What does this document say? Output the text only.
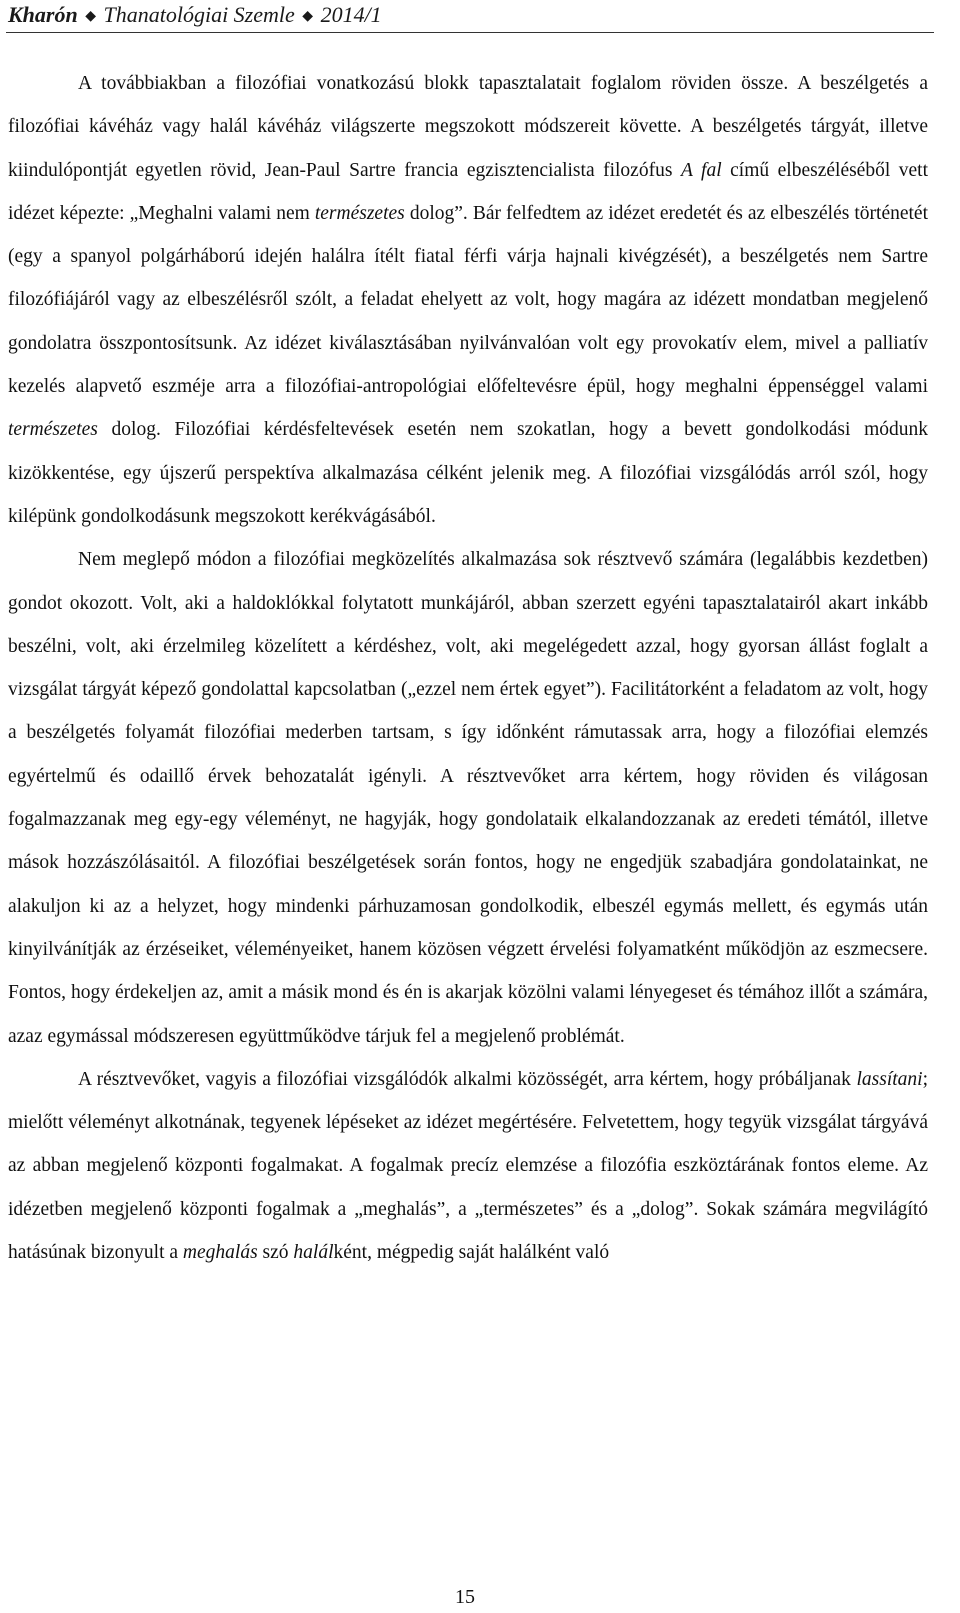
Kharón ◆ Thanatológiai Szemle ◆ 2014/1

A továbbiakban a filozófiai vonatkozású blokk tapasztalatait foglalom röviden össze. A beszélgetés a filozófiai kávéház vagy halál kávéház világszerte megszokott módszereit követte. A beszélgetés tárgyát, illetve kiindulópontját egyetlen rövid, Jean-Paul Sartre francia egzisztencialista filozófus A fal című elbeszéléséből vett idézet képezte: „Meghalni valami nem természetes dolog”. Bár felfedtem az idézet eredetét és az elbeszélés történetét (egy a spanyol polgárháború idején halálra ítélt fiatal férfi várja hajnali kivégzését), a beszélgetés nem Sartre filozófiájáról vagy az elbeszélésről szólt, a feladat ehelyett az volt, hogy magára az idézett mondatban megjelenő gondolatra összpontosítsunk. Az idézet kiválasztásában nyilvánvalóan volt egy provokatív elem, mivel a palliatív kezelés alapvető eszméje arra a filozófiai-antropológiai előfeltevésre épül, hogy meghalni éppenséggel valami természetes dolog. Filozófiai kérdésfeltevések esetén nem szokatlan, hogy a bevett gondolkodási módunk kizökkentése, egy újszerű perspektíva alkalmazása célként jelenik meg. A filozófiai vizsgálódás arról szól, hogy kilépünk gondolkodásunk megszokott kerékvágásából.

Nem meglepő módon a filozófiai megközelítés alkalmazása sok résztvevő számára (legalábbis kezdetben) gondot okozott. Volt, aki a haldoklókkal folytatott munkájáról, abban szerzett egyéni tapasztalatairól akart inkább beszélni, volt, aki érzelmileg közelített a kérdéshez, volt, aki megelégedett azzal, hogy gyorsan állást foglalt a vizsgálat tárgyát képező gondolattal kapcsolatban („ezzel nem értek egyet”). Facilitátorként a feladatom az volt, hogy a beszélgetés folyamát filozófiai mederben tartsam, s így időnként rámutassak arra, hogy a filozófiai elemzés egyértelmű és odaillő érvek behozatalát igényli. A résztvevőket arra kértem, hogy röviden és világosan fogalmazzanak meg egy-egy véleményt, ne hagyják, hogy gondolataik elkalandozzanak az eredeti témától, illetve mások hozzászólásaitól. A filozófiai beszélgetések során fontos, hogy ne engedjük szabadjára gondolatainkat, ne alakuljon ki az a helyzet, hogy mindenki párhuzamosan gondolkodik, elbeszél egymás mellett, és egymás után kinyilvánítják az érzéseiket, véleményeiket, hanem közösen végzett érvelési folyamatként működjön az eszmecsere. Fontos, hogy érdekeljen az, amit a másik mond és én is akarjak közölni valami lényegeset és témához illőt a számára, azaz egymással módszeresen együttműködve tárjuk fel a megjelenő problémát.

A résztvevőket, vagyis a filozófiai vizsgálódók alkalmi közösségét, arra kértem, hogy próbáljanak lassítani; mielőtt véleményt alkotnának, tegyenek lépéseket az idézet megértésére. Felvetettem, hogy tegyük vizsgálat tárgyává az abban megjelenő központi fogalmakat. A fogalmak precíz elemzése a filozófia eszköztárának fontos eleme. Az idézetben megjelenő központi fogalmak a „meghalás”, a „természetes” és a „dolog”. Sokak számára megvilágító hatásúnak bizonyult a meghalás szó halálként, mégpedig saját halálként való

15
